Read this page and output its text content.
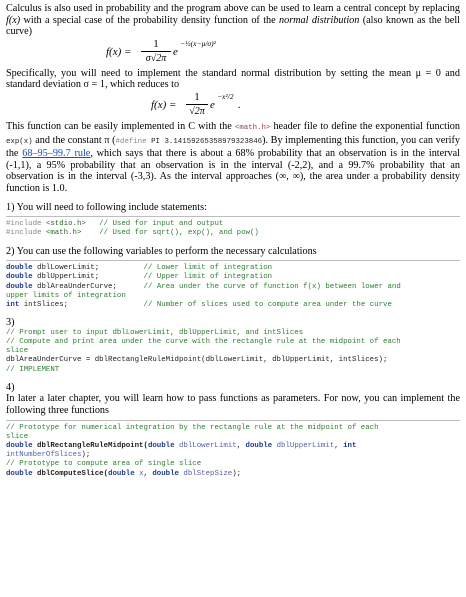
Calculus is also used in probability and the program above can be used to learn a central concept by replacing f(x) with a special case of the probability density function of the normal distribution (also known as the bell curve)

f(x) =
1
σ√2π
e
−½(x−μ/σ)²

Specifically, you will need to implement the standard normal distribution by setting the mean μ = 0 and standard deviation σ = 1, which reduces to

f(x) =
1
√2π
e
−x²/2
.

This function can be easily implemented in C with the <math.h> header file to define the exponential function exp(x) and the constant π (#define PI 3.14159265358979323846). By implementing this function, you can verify the 68–95–99.7 rule, which says that there is about a 68% probability that an observation is in the interval (-1,1), a 95% probability that an observation is in the interval (-2,2), and a 99.7% probability that an observation is in the interval (-3,3). As the interval approaches (∞, ∞), the area under a probability density function is 1.0.

1) You will need to following include statements:

#include <stdio.h>   // Used for input and output
#include <math.h>    // Used for sqrt(), exp(), and pow()

2) You can use the following variables to perform the necessary calculations

double dblLowerLimit;	// Lower limit of integration
double dblUpperLimit;	// Upper limit of integration
double dblAreaUnderCurve;	// Area under the curve of function f(x) between lower and
upper limits of integration
int intSlices;	// Number of slices used to compute area under the curve

3)

// Prompt user to input dblLowerLimit, dblUpperLimit, and intSlices
// Compute and print area under the curve with the rectangle rule at the midpoint of each
slice
dblAreaUnderCurve = dblRectangleRuleMidpoint(dblLowerLimit, dblUpperLimit, intSlices);
// IMPLEMENT

4)

In later a later chapter, you will learn how to pass functions as parameters. For now, you can implement the following three functions

// Prototype for numerical integration by the rectangle rule at the midpoint of each
slice
double dblRectangleRuleMidpoint(double dblLowerLimit, double dblUpperLimit, int
intNumberOfSlices);
// Prototype to compute area of single slice
double dblComputeSlice(double x, double dblStepSize);
